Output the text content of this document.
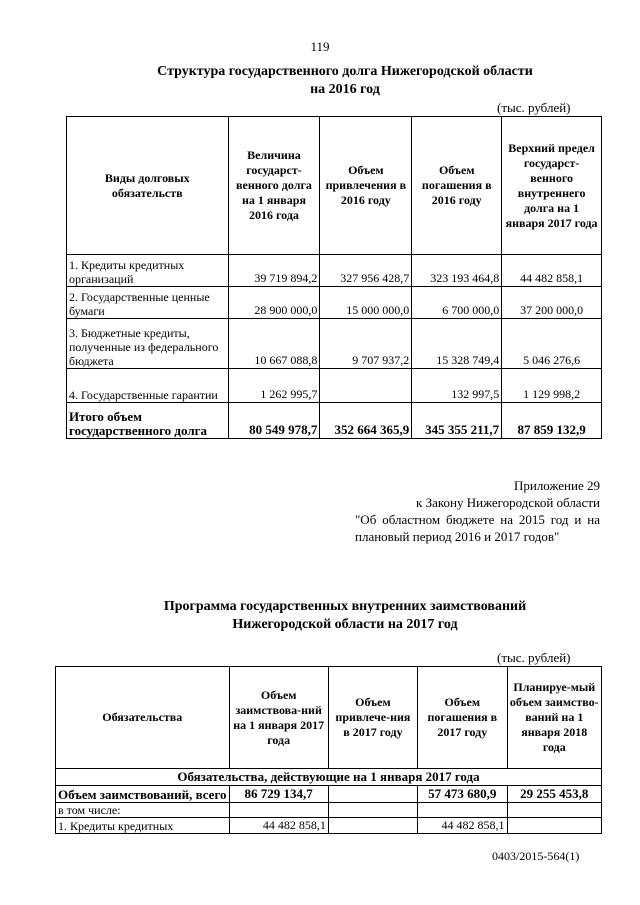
119
Структура государственного долга Нижегородской области
на 2016 год
(тыс. рублей)
Виды долговых обязательств	Величина государст-венного долга на 1 января 2016 года	Объем привлечения в 2016 году	Объем погашения в 2016 году	Верхний предел государст-венного внутреннего долга на 1 января 2017 года
1. Кредиты кредитных организаций	39 719 894,2	327 956 428,7	323 193 464,8	44 482 858,1
2. Государственные ценные бумаги	28 900 000,0	15 000 000,0	6 700 000,0	37 200 000,0
3. Бюджетные кредиты, полученные из федерального бюджета	10 667 088,8	9 707 937,2	15 328 749,4	5 046 276,6
4. Государственные гарантии	1 262 995,7		132 997,5	1 129 998,2
Итого объем государственного долга	80 549 978,7	352 664 365,9	345 355 211,7	87 859 132,9
Приложение 29
к Закону Нижегородской области
"Об областном бюджете на 2015 год и на плановый период 2016 и 2017 годов"
Программа государственных внутренних заимствований
Нижегородской области на 2017 год
(тыс. рублей)
Обязательства	Объем заимствова-ний на 1 января 2017 года	Объем привлече-ния в 2017 году	Объем погашения в 2017 году	Планируе-мый объем заимство-ваний на 1 января 2018 года
Обязательства, действующие на 1 января 2017 года				
Объем заимствований, всего	86 729 134,7		57 473 680,9	29 255 453,8
в том числе:				
1. Кредиты кредитных	44 482 858,1		44 482 858,1	
0403/2015-564(1)
